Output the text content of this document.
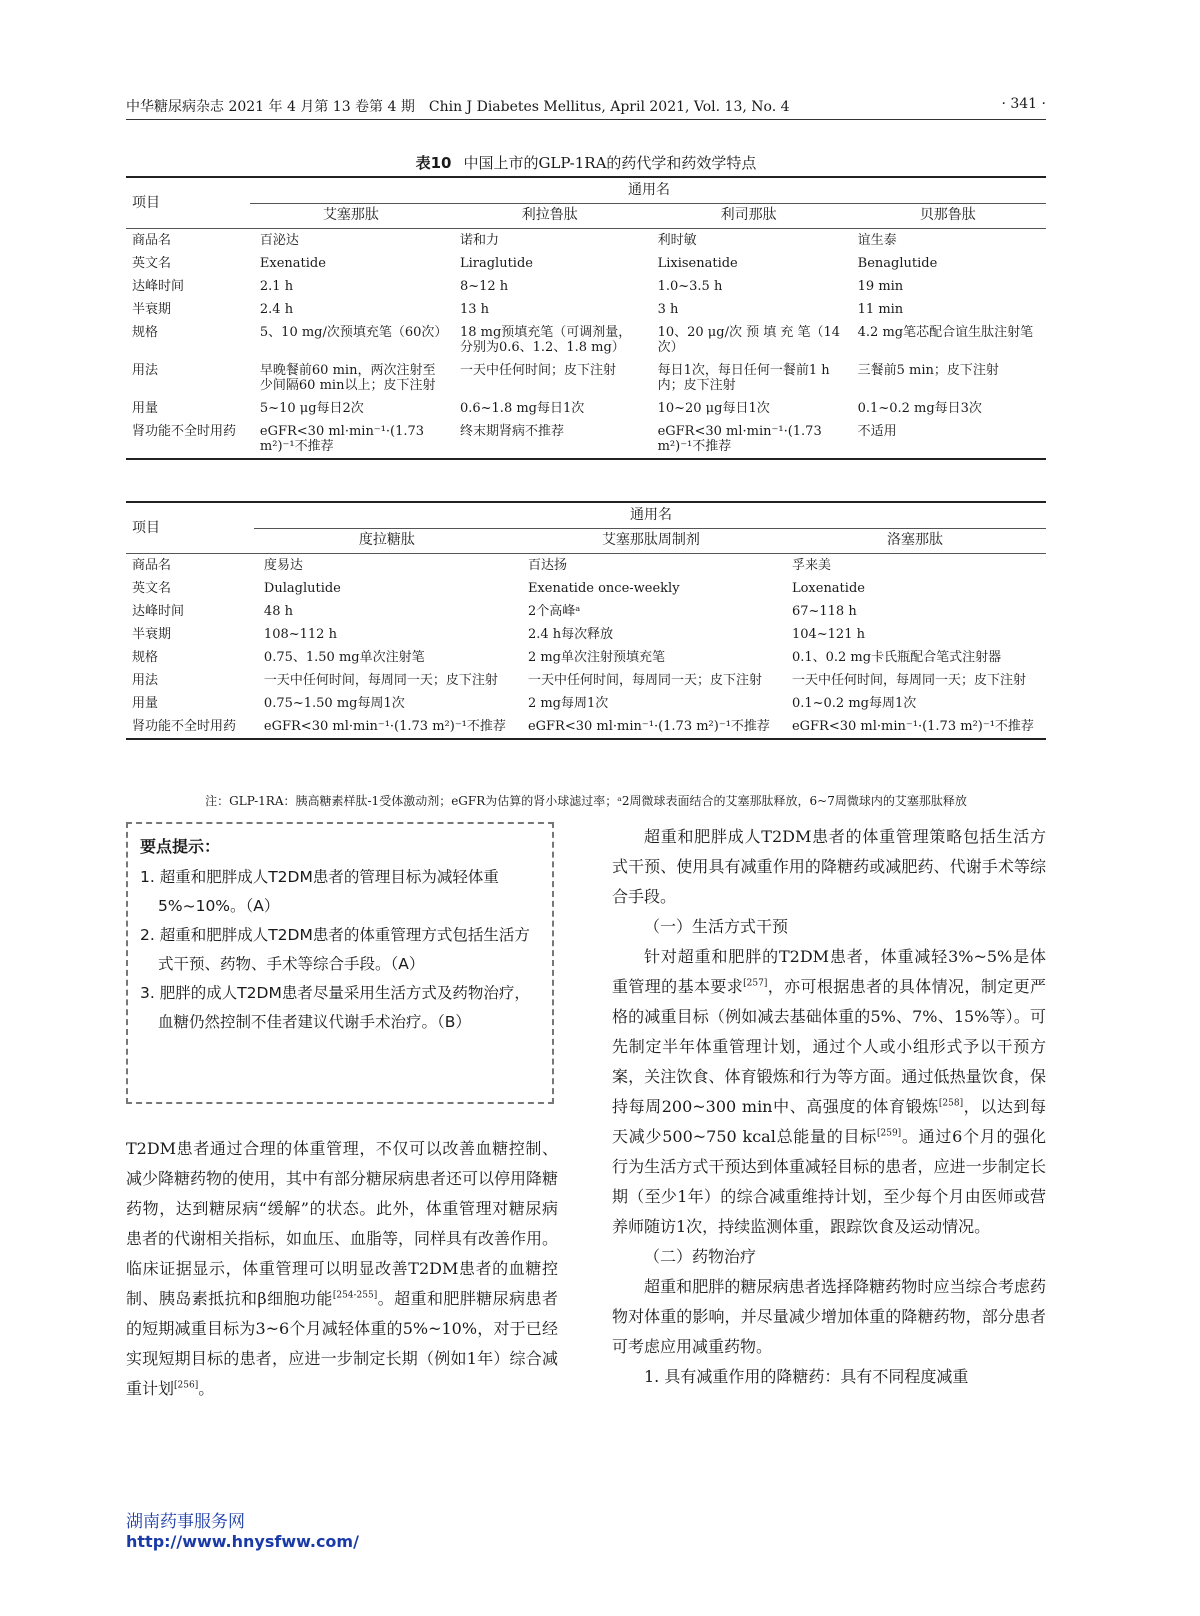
中华糖尿病杂志 2021 年 4 月第 13 卷第 4 期　Chin J Diabetes Mellitus, April 2021, Vol. 13, No. 4	· 341 ·
表10 中国上市的GLP-1RA的药代学和药效学特点
项目	通用名			
	艾塞那肽	利拉鲁肽	利司那肽	贝那鲁肽
商品名	百泌达	诺和力	利时敏	谊生泰
英文名	Exenatide	Liraglutide	Lixisenatide	Benaglutide
达峰时间	2.1 h	8~12 h	1.0~3.5 h	19 min
半衰期	2.4 h	13 h	3 h	11 min
规格	5、10 mg/次预填充笔（60次）	18 mg预填充笔（可调剂量，分别为0.6、1.2、1.8 mg）	10、20 μg/次 预 填 充 笔（14次）	4.2 mg笔芯配合谊生肽注射笔
用法	早晚餐前60 min，两次注射至少间隔60 min以上；皮下注射	一天中任何时间；皮下注射	每日1次，每日任何一餐前1 h内；皮下注射	三餐前5 min；皮下注射
用量	5~10 μg每日2次	0.6~1.8 mg每日1次	10~20 μg每日1次	0.1~0.2 mg每日3次
肾功能不全时用药	eGFR<30 ml·min⁻¹·(1.73 m²)⁻¹不推荐	终末期肾病不推荐	eGFR<30 ml·min⁻¹·(1.73 m²)⁻¹不推荐	不适用
项目	通用名		
	度拉糖肽	艾塞那肽周制剂	洛塞那肽
商品名	度易达	百达扬	孚来美
英文名	Dulaglutide	Exenatide once-weekly	Loxenatide
达峰时间	48 h	2个高峰ᵃ	67~118 h
半衰期	108~112 h	2.4 h每次释放	104~121 h
规格	0.75、1.50 mg单次注射笔	2 mg单次注射预填充笔	0.1、0.2 mg卡氏瓶配合笔式注射器
用法	一天中任何时间，每周同一天；皮下注射	一天中任何时间，每周同一天；皮下注射	一天中任何时间，每周同一天；皮下注射
用量	0.75~1.50 mg每周1次	2 mg每周1次	0.1~0.2 mg每周1次
肾功能不全时用药	eGFR<30 ml·min⁻¹·(1.73 m²)⁻¹不推荐	eGFR<30 ml·min⁻¹·(1.73 m²)⁻¹不推荐	eGFR<30 ml·min⁻¹·(1.73 m²)⁻¹不推荐
注：GLP-1RA：胰高糖素样肽-1受体激动剂；eGFR为估算的肾小球滤过率；ᵃ2周微球表面结合的艾塞那肽释放，6~7周微球内的艾塞那肽释放
要点提示：
1. 超重和肥胖成人T2DM患者的管理目标为减轻体重5%~10%。（A）
2. 超重和肥胖成人T2DM患者的体重管理方式包括生活方式干预、药物、手术等综合手段。（A）
3. 肥胖的成人T2DM患者尽量采用生活方式及药物治疗，血糖仍然控制不佳者建议代谢手术治疗。（B）
T2DM患者通过合理的体重管理，不仅可以改善血糖控制、减少降糖药物的使用，其中有部分糖尿病患者还可以停用降糖药物，达到糖尿病“缓解”的状态。此外，体重管理对糖尿病患者的代谢相关指标，如血压、血脂等，同样具有改善作用。临床证据显示，体重管理可以明显改善T2DM患者的血糖控制、胰岛素抵抗和β细胞功能[254-255]。超重和肥胖糖尿病患者的短期减重目标为3~6个月减轻体重的5%~10%，对于已经实现短期目标的患者，应进一步制定长期（例如1年）综合减重计划[256]。
超重和肥胖成人T2DM患者的体重管理策略包括生活方式干预、使用具有减重作用的降糖药或减肥药、代谢手术等综合手段。
（一）生活方式干预
针对超重和肥胖的T2DM患者，体重减轻3%~5%是体重管理的基本要求[257]，亦可根据患者的具体情况，制定更严格的减重目标（例如减去基础体重的5%、7%、15%等）。可先制定半年体重管理计划，通过个人或小组形式予以干预方案，关注饮食、体育锻炼和行为等方面。通过低热量饮食，保持每周200~300 min中、高强度的体育锻炼[258]，以达到每天减少500~750 kcal总能量的目标[259]。通过6个月的强化行为生活方式干预达到体重减轻目标的患者，应进一步制定长期（至少1年）的综合减重维持计划，至少每个月由医师或营养师随访1次，持续监测体重，跟踪饮食及运动情况。
（二）药物治疗
超重和肥胖的糖尿病患者选择降糖药物时应当综合考虑药物对体重的影响，并尽量减少增加体重的降糖药物，部分患者可考虑应用减重药物。
1. 具有减重作用的降糖药：具有不同程度减重
湖南药事服务网
http://www.hnysfww.com/
